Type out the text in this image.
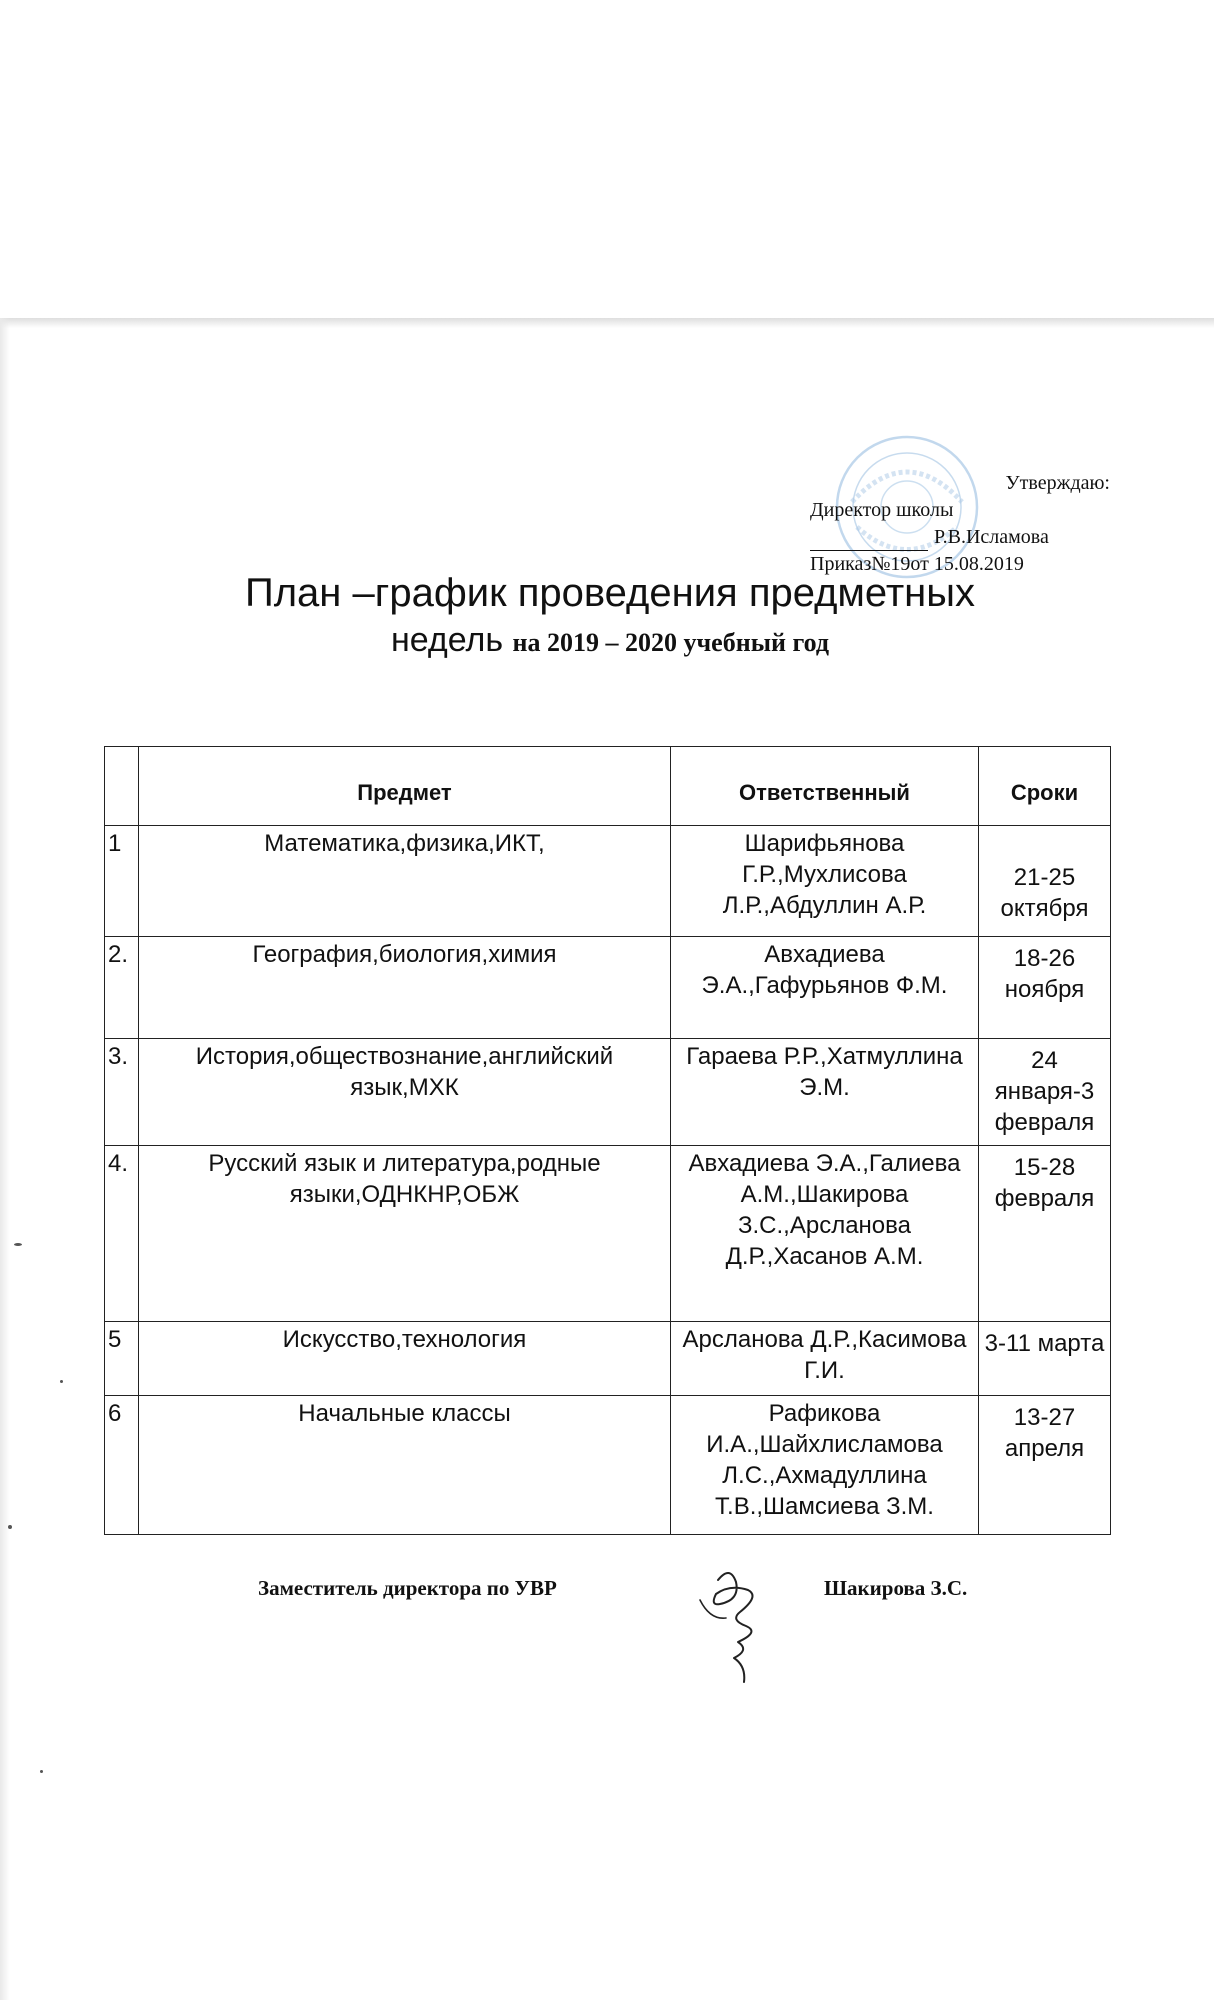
Утверждаю:
Директор школы
Р.В.Исламова
Приказ№19от 15.08.2019
План –график проведения предметных
недель на 2019 – 2020 учебный год
	Предмет	Ответственный	Сроки
1	Математика,физика,ИКТ,	Шарифьянова Г.Р.,Мухлисова Л.Р.,Абдуллин А.Р.	21-25 октября
2.	География,биология,химия	Авхадиева Э.А.,Гафурьянов Ф.М.	18-26 ноября
3.	История,обществознание,английский язык,МХК	Гараева Р.Р.,Хатмуллина Э.М.	24 января-3 февраля
4.	Русский язык и литература,родные языки,ОДНКНР,ОБЖ	Авхадиева Э.А.,Галиева А.М.,Шакирова З.С.,Арсланова Д.Р.,Хасанов А.М.	15-28 февраля
5	Искусство,технология	Арсланова Д.Р.,Касимова Г.И.	3-11 марта
6	Начальные классы	Рафикова И.А.,Шайхлисламова Л.С.,Ахмадуллина Т.В.,Шамсиева З.М.	13-27 апреля
Заместитель директора по УВР	Шакирова З.С.
